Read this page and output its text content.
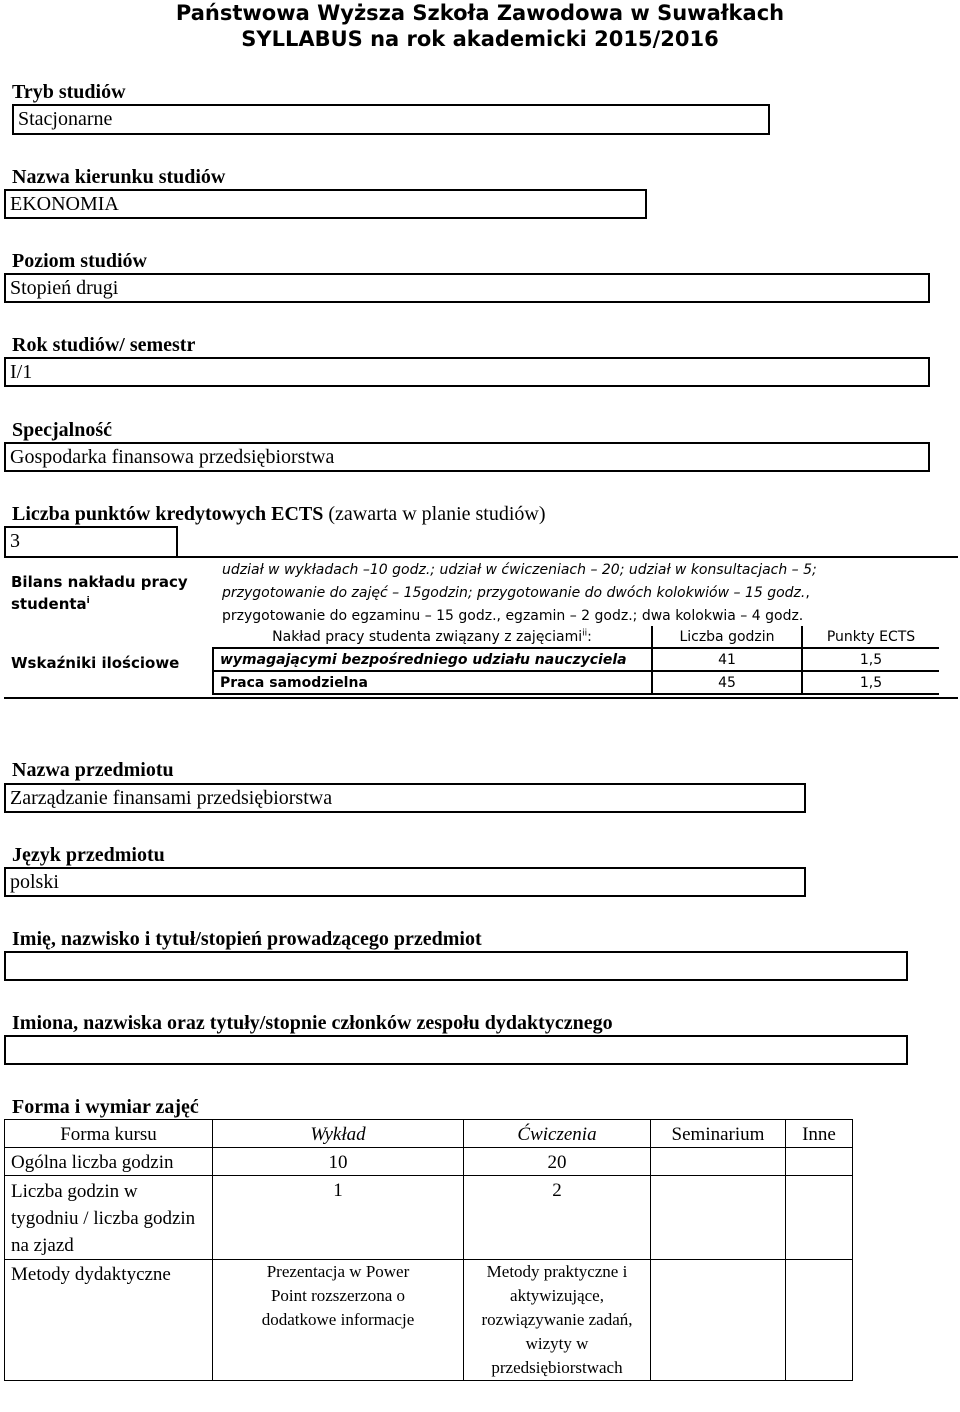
Państwowa Wyższa Szkoła Zawodowa w Suwałkach
SYLLABUS na rok akademicki 2015/2016
Tryb studiów
Stacjonarne
Nazwa kierunku studiów
EKONOMIA
Poziom studiów
Stopień drugi
Rok studiów/ semestr
I/1
Specjalność
Gospodarka finansowa przedsiębiorstwa
Liczba punktów kredytowych ECTS (zawarta w planie studiów)
3
Bilans nakładu pracy
studenta$^i$
udział w wykładach –10 godz.; udział w ćwiczeniach – 20; udział w konsultacjach – 5;
przygotowanie do zajęć – 15godzin; przygotowanie do dwóch kolokwiów – 15 godz.,
przygotowanie do egzaminu – 15 godz., egzamin – 2 godz.; dwa kolokwia – 4 godz.
Wskaźniki ilościowe
Nakład pracy studenta związany z zajęciami$^{ii}$:	Liczba godzin	Punkty ECTS
wymagającymi bezpośredniego udziału nauczyciela	41	1,5
Praca samodzielna	45	1,5
Nazwa przedmiotu
Zarządzanie finansami przedsiębiorstwa
Język przedmiotu
polski
Imię, nazwisko i tytuł/stopień prowadzącego przedmiot
Imiona, nazwiska oraz tytuły/stopnie członków zespołu dydaktycznego
Forma i wymiar zajęć
Forma kursu	Wykład	Ćwiczenia	Seminarium	Inne
Ogólna liczba godzin	10	20		
Liczba godzin w tygodniu / liczba godzin na zjazd	1	2		
Metody dydaktyczne	Prezentacja w Power Point rozszerzona o dodatkowe informacje	Metody praktyczne i aktywizujące, rozwiązywanie zadań, wizyty w przedsiębiorstwach		
